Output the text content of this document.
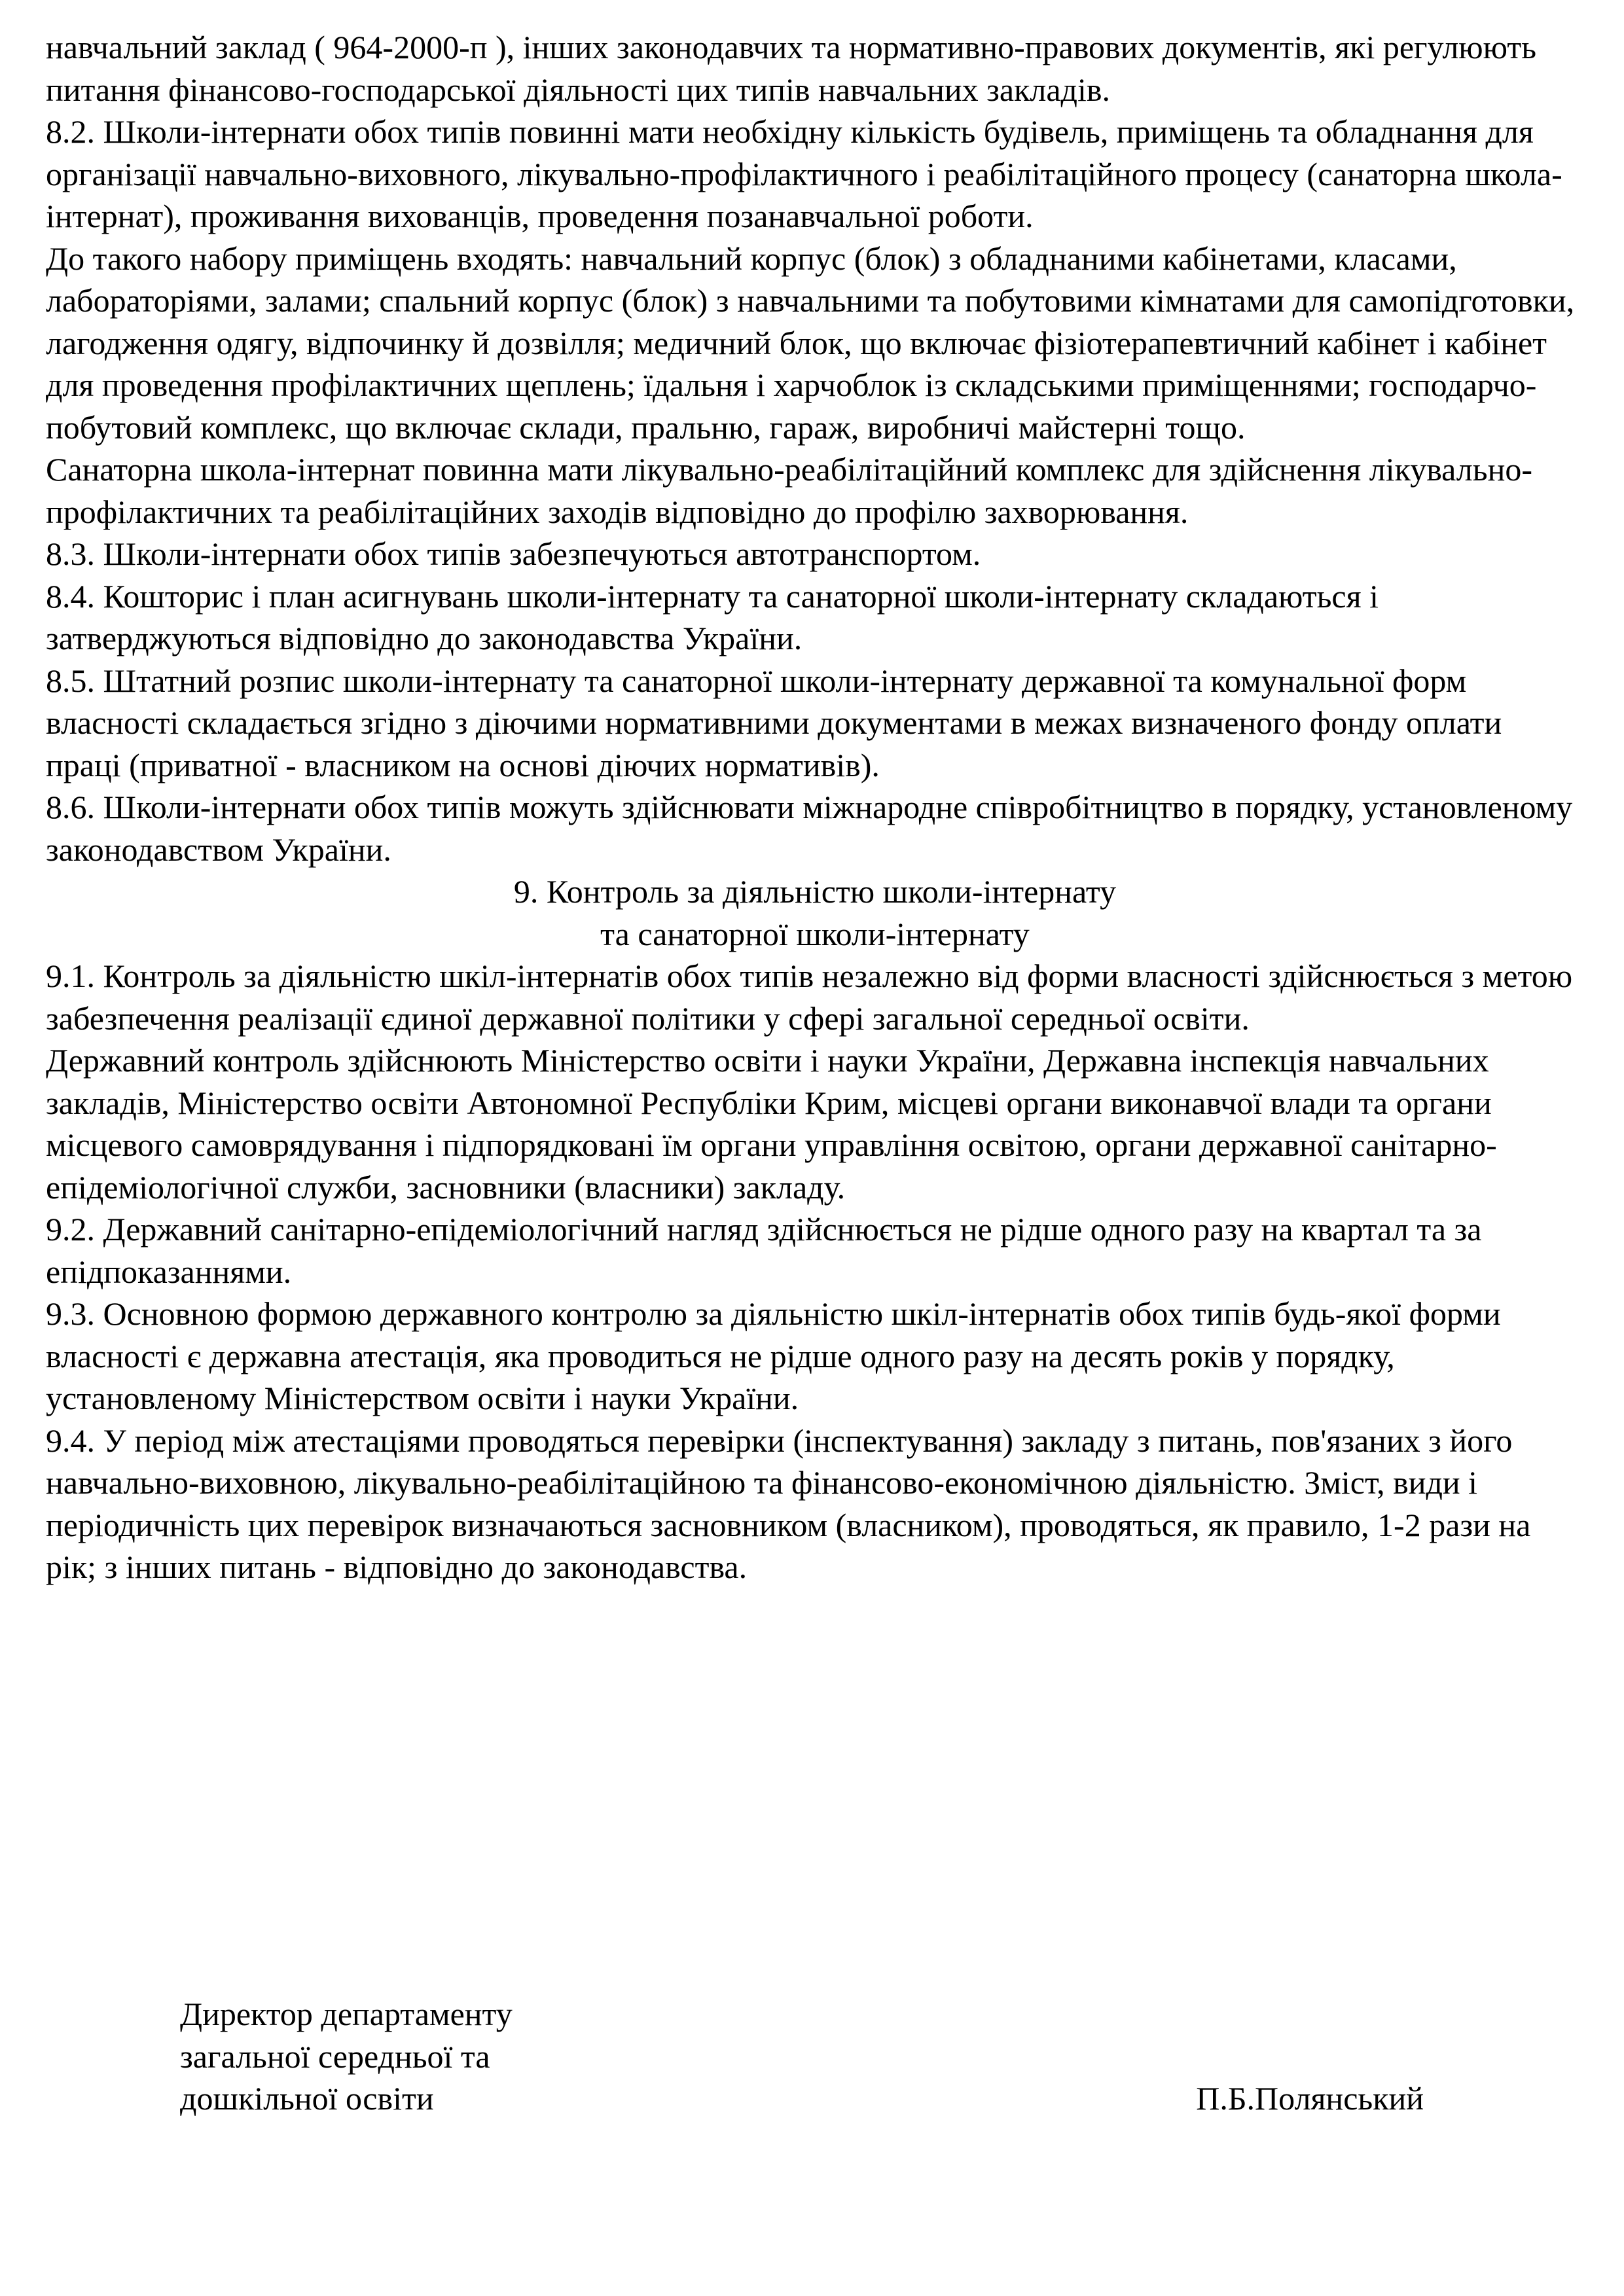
навчальний заклад ( 964-2000-п ), інших законодавчих та нормативно-правових документів, які регулюють питання фінансово-господарської діяльності цих типів навчальних закладів.

8.2. Школи-інтернати обох типів повинні мати необхідну кількість будівель, приміщень та обладнання для організації навчально-виховного, лікувально-профілактичного і реабілітаційного процесу (санаторна школа-інтернат), проживання вихованців, проведення позанавчальної роботи.

До такого набору приміщень входять: навчальний корпус (блок) з обладнаними кабінетами, класами, лабораторіями, залами; спальний корпус (блок) з навчальними та побутовими кімнатами для самопідготовки, лагодження одягу, відпочинку й дозвілля; медичний блок, що включає фізіотерапевтичний кабінет і кабінет для проведення профілактичних щеплень; їдальня і харчоблок із складськими приміщеннями; господарчо-побутовий комплекс, що включає склади, пральню, гараж, виробничі майстерні тощо.

Санаторна школа-інтернат повинна мати лікувально-реабілітаційний комплекс для здійснення лікувально-профілактичних та реабілітаційних заходів відповідно до профілю захворювання.

8.3. Школи-інтернати обох типів забезпечуються автотранспортом.

8.4. Кошторис і план асигнувань школи-інтернату та санаторної школи-інтернату складаються і затверджуються відповідно до законодавства України.

8.5. Штатний розпис школи-інтернату та санаторної школи-інтернату державної та комунальної форм власності складається згідно з діючими нормативними документами в межах визначеного фонду оплати праці (приватної - власником на основі діючих нормативів).

8.6. Школи-інтернати обох типів можуть здійснювати міжнародне співробітництво в порядку, установленому законодавством України.

9. Контроль за діяльністю школи-інтернату
та санаторної школи-інтернату

9.1. Контроль за діяльністю шкіл-інтернатів обох типів незалежно від форми власності здійснюється з метою забезпечення реалізації єдиної державної політики у сфері загальної середньої освіти.

Державний контроль здійснюють Міністерство освіти і науки України, Державна інспекція навчальних закладів, Міністерство освіти Автономної Республіки Крим, місцеві органи виконавчої влади та органи місцевого самоврядування і підпорядковані їм органи управління освітою, органи державної санітарно-епідеміологічної служби, засновники (власники) закладу.

9.2. Державний санітарно-епідеміологічний нагляд здійснюється не рідше одного разу на квартал та за епідпоказаннями.

9.3. Основною формою державного контролю за діяльністю шкіл-інтернатів обох типів будь-якої форми власності є державна атестація, яка проводиться не рідше одного разу на десять років у порядку, установленому Міністерством освіти і науки України.

9.4. У період між атестаціями проводяться перевірки (інспектування) закладу з питань, пов'язаних з його навчально-виховною, лікувально-реабілітаційною та фінансово-економічною діяльністю. Зміст, види і періодичність цих перевірок визначаються засновником (власником), проводяться, як правило, 1-2 рази на рік; з інших питань - відповідно до законодавства.

Директор департаменту
загальної середньої та
дошкільної освіти	П.Б.Полянський
